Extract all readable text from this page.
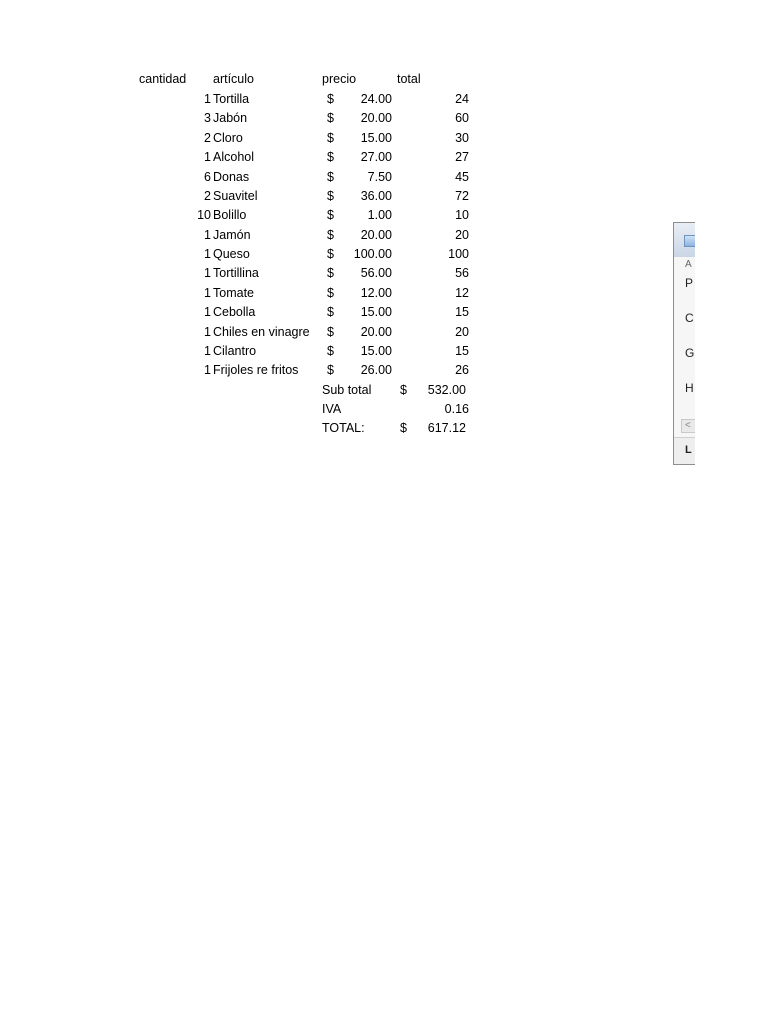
cantidad artículo	precio	total
1 Tortilla	$	24.00	24
3 Jabón	$	20.00	60
2 Cloro	$	15.00	30
1 Alcohol	$	27.00	27
6 Donas	$	7.50	45
2 Suavitel	$	36.00	72
10 Bolillo	$	1.00	10
1 Jamón	$	20.00	20
1 Queso	$	100.00	100
1 Tortillina	$	56.00	56
1 Tomate	$	12.00	12
1 Cebolla	$	15.00	15
1 Chiles en vinagre $	20.00	20
1 Cilantro	$	15.00	15
1 Frijoles re fritos $	26.00	26
Sub total $	532.00
IVA	0.16
TOTAL:	$	617.12
A
P
C
G
H
<
L
